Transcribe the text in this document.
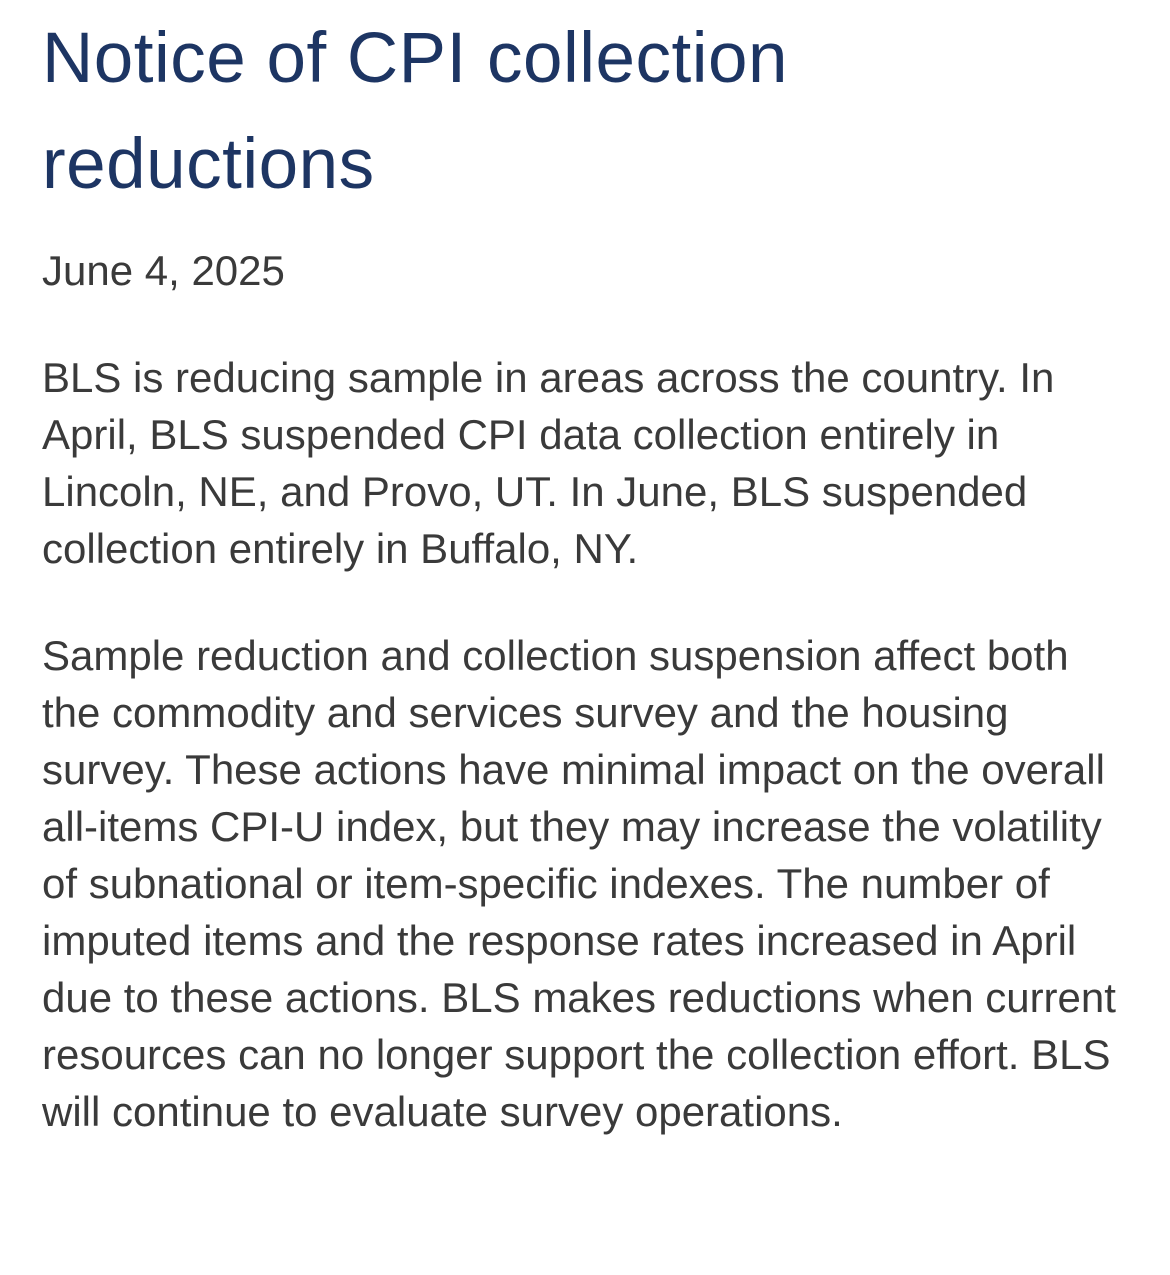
Notice of CPI collection reductions

June 4, 2025

BLS is reducing sample in areas across the country. In April, BLS suspended CPI data collection entirely in Lincoln, NE, and Provo, UT. In June, BLS suspended collection entirely in Buffalo, NY.

Sample reduction and collection suspension affect both the commodity and services survey and the housing survey. These actions have minimal impact on the overall all-items CPI-U index, but they may increase the volatility of subnational or item-specific indexes. The number of imputed items and the response rates increased in April due to these actions. BLS makes reductions when current resources can no longer support the collection effort. BLS will continue to evaluate survey operations.
